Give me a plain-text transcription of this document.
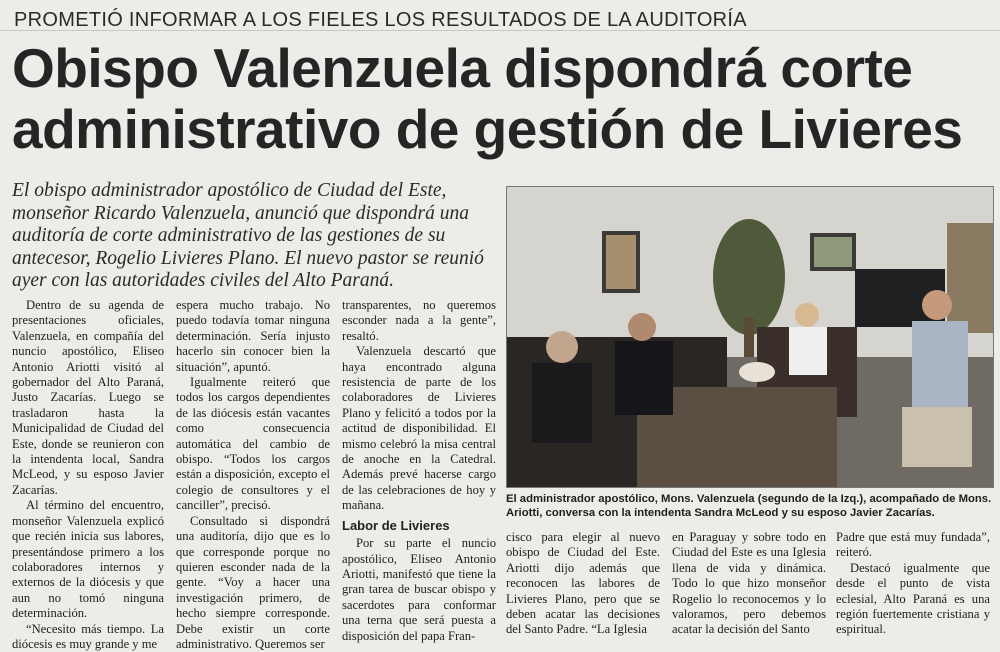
PROMETIÓ INFORMAR A LOS FIELES LOS RESULTADOS DE LA AUDITORÍA
Obispo Valenzuela dispondrá corte
administrativo de gestión de Livieres
El obispo administrador apostólico de Ciudad del Este, monseñor Ricardo Valenzuela, anunció que dispondrá una auditoría de corte administrativo de las gestiones de su antecesor, Rogelio Livieres Plano. El nuevo pastor se reunió ayer con las autoridades civiles del Alto Paraná.

Dentro de su agenda de presentaciones oficiales, Valenzuela, en compañía del nuncio apostólico, Eliseo Antonio Ariotti visitó al gobernador del Alto Paraná, Justo Zacarías. Luego se trasladaron hasta la Municipalidad de Ciudad del Este, donde se reunieron con la intendenta local, Sandra McLeod, y su esposo Javier Zacarías.

Al término del encuentro, monseñor Valenzuela explicó que recién inicia sus labores, presentándose primero a los colaboradores internos y externos de la diócesis y que aun no tomó ninguna determinación.

“Necesito más tiempo. La diócesis es muy grande y me

espera mucho trabajo. No puedo todavía tomar ninguna determinación. Sería injusto hacerlo sin conocer bien la situación”, apuntó.

Igualmente reiteró que todos los cargos dependientes de las diócesis están vacantes como consecuencia automática del cambio de obispo. “Todos los cargos están a disposición, excepto el colegio de consultores y el canciller”, precisó.

Consultado si dispondrá una auditoría, dijo que es lo que corresponde porque no quieren esconder nada de la gente. “Voy a hacer una investigación primero, de hecho siempre corresponde. Debe existir un corte administrativo. Queremos ser

transparentes, no queremos esconder nada a la gente”, resaltó.

Valenzuela descartó que haya encontrado alguna resistencia de parte de los colaboradores de Livieres Plano y felicitó a todos por la actitud de disponibilidad. El mismo celebró la misa central de anoche en la Catedral. Además prevé hacerse cargo de las celebraciones de hoy y mañana.

Labor de Livieres

Por su parte el nuncio apostólico, Eliseo Antonio Ariotti, manifestó que tiene la gran tarea de buscar obispo y sacerdotes para conformar una terna que será puesta a disposición del papa Fran-

El administrador apostólico, Mons. Valenzuela (segundo de la Izq.), acompañado de Mons. Ariotti, conversa con la intendenta Sandra McLeod y su esposo Javier Zacarías.

cisco para elegir al nuevo obispo de Ciudad del Este. Ariotti dijo además que reconocen las labores de Livieres Plano, pero que se deben acatar las decisiones del Santo Padre. “La Iglesia

en Paraguay y sobre todo en Ciudad del Este es una Iglesia llena de vida y dinámica. Todo lo que hizo monseñor Rogelio lo reconocemos y lo valoramos, pero debemos acatar la decisión del Santo

Padre que está muy fundada”, reiteró.

Destacó igualmente que desde el punto de vista eclesial, Alto Paraná es una región fuertemente cristiana y espiritual.
